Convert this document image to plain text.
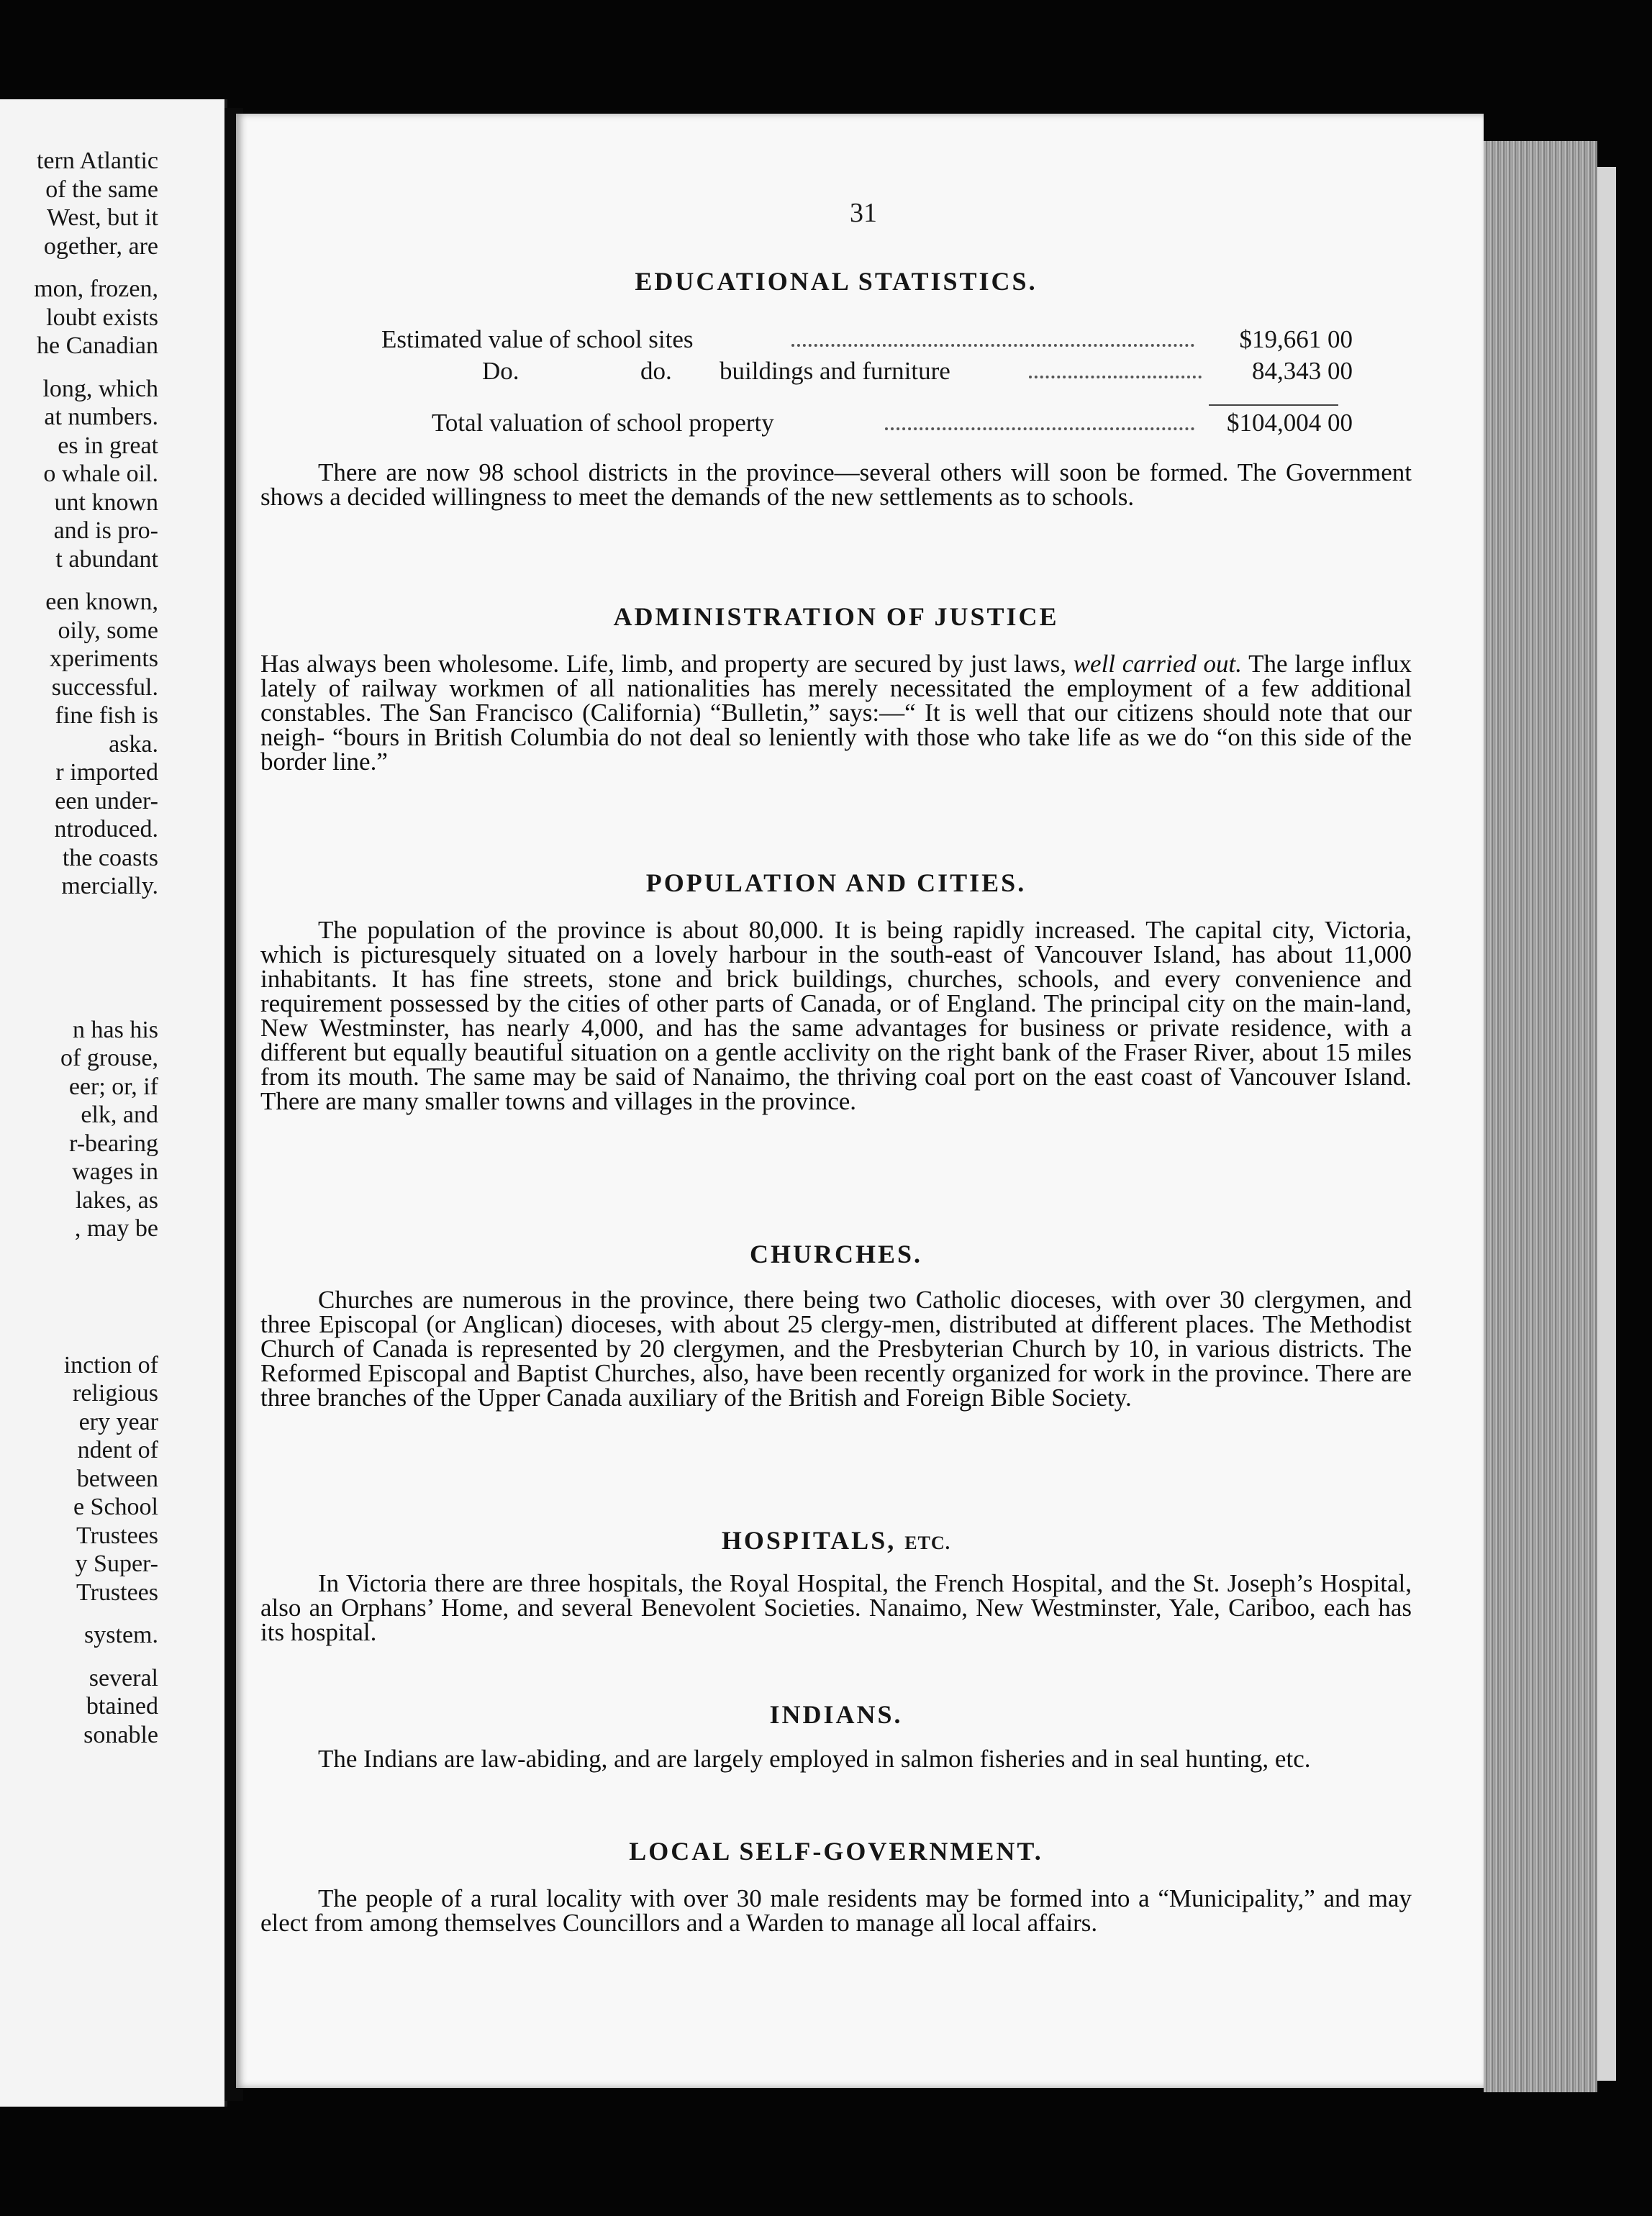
tern Atlantic
of the same
West, but it
ogether, are
mon, frozen,
loubt exists
he Canadian
long, which
at numbers.
es in great
o whale oil.
unt known
and is pro-
t abundant
een known,
oily, some
xperiments
successful.
fine fish is
aska.
r imported
een under-
ntroduced.
the coasts
mercially.
n has his
of grouse,
eer; or, if
elk, and
r-bearing
wages in
lakes, as
, may be
inction of
religious
ery year
ndent of
between
e School
Trustees
y Super-
Trustees
system.
several
btained
sonable
31
EDUCATIONAL STATISTICS.
Estimated value of school sites	$19,661 00
Do.	do. buildings and furniture	84,343 00
Total valuation of school property	$104,004 00

There are now 98 school districts in the province—several others will soon be formed. The Government shows a decided willingness to meet the demands of the new settlements as to schools.

ADMINISTRATION OF JUSTICE

Has always been wholesome. Life, limb, and property are secured by just laws, well carried out. The large influx lately of railway workmen of all nationalities has merely necessitated the employment of a few additional constables. The San Francisco (California) “Bulletin,” says:—“ It is well that our citizens should note that our neigh- “bours in British Columbia do not deal so leniently with those who take life as we do “on this side of the border line.”

POPULATION AND CITIES.

The population of the province is about 80,000. It is being rapidly increased. The capital city, Victoria, which is picturesquely situated on a lovely harbour in the south-east of Vancouver Island, has about 11,000 inhabitants. It has fine streets, stone and brick buildings, churches, schools, and every convenience and requirement possessed by the cities of other parts of Canada, or of England. The principal city on the main-land, New Westminster, has nearly 4,000, and has the same advantages for business or private residence, with a different but equally beautiful situation on a gentle acclivity on the right bank of the Fraser River, about 15 miles from its mouth. The same may be said of Nanaimo, the thriving coal port on the east coast of Vancouver Island. There are many smaller towns and villages in the province.

CHURCHES.

Churches are numerous in the province, there being two Catholic dioceses, with over 30 clergymen, and three Episcopal (or Anglican) dioceses, with about 25 clergy-men, distributed at different places. The Methodist Church of Canada is represented by 20 clergymen, and the Presbyterian Church by 10, in various districts. The Reformed Episcopal and Baptist Churches, also, have been recently organized for work in the province. There are three branches of the Upper Canada auxiliary of the British and Foreign Bible Society.

HOSPITALS, ETC.

In Victoria there are three hospitals, the Royal Hospital, the French Hospital, and the St. Joseph’s Hospital, also an Orphans’ Home, and several Benevolent Societies. Nanaimo, New Westminster, Yale, Cariboo, each has its hospital.

INDIANS.

The Indians are law-abiding, and are largely employed in salmon fisheries and in seal hunting, etc.

LOCAL SELF-GOVERNMENT.

The people of a rural locality with over 30 male residents may be formed into a “Municipality,” and may elect from among themselves Councillors and a Warden to manage all local affairs.
